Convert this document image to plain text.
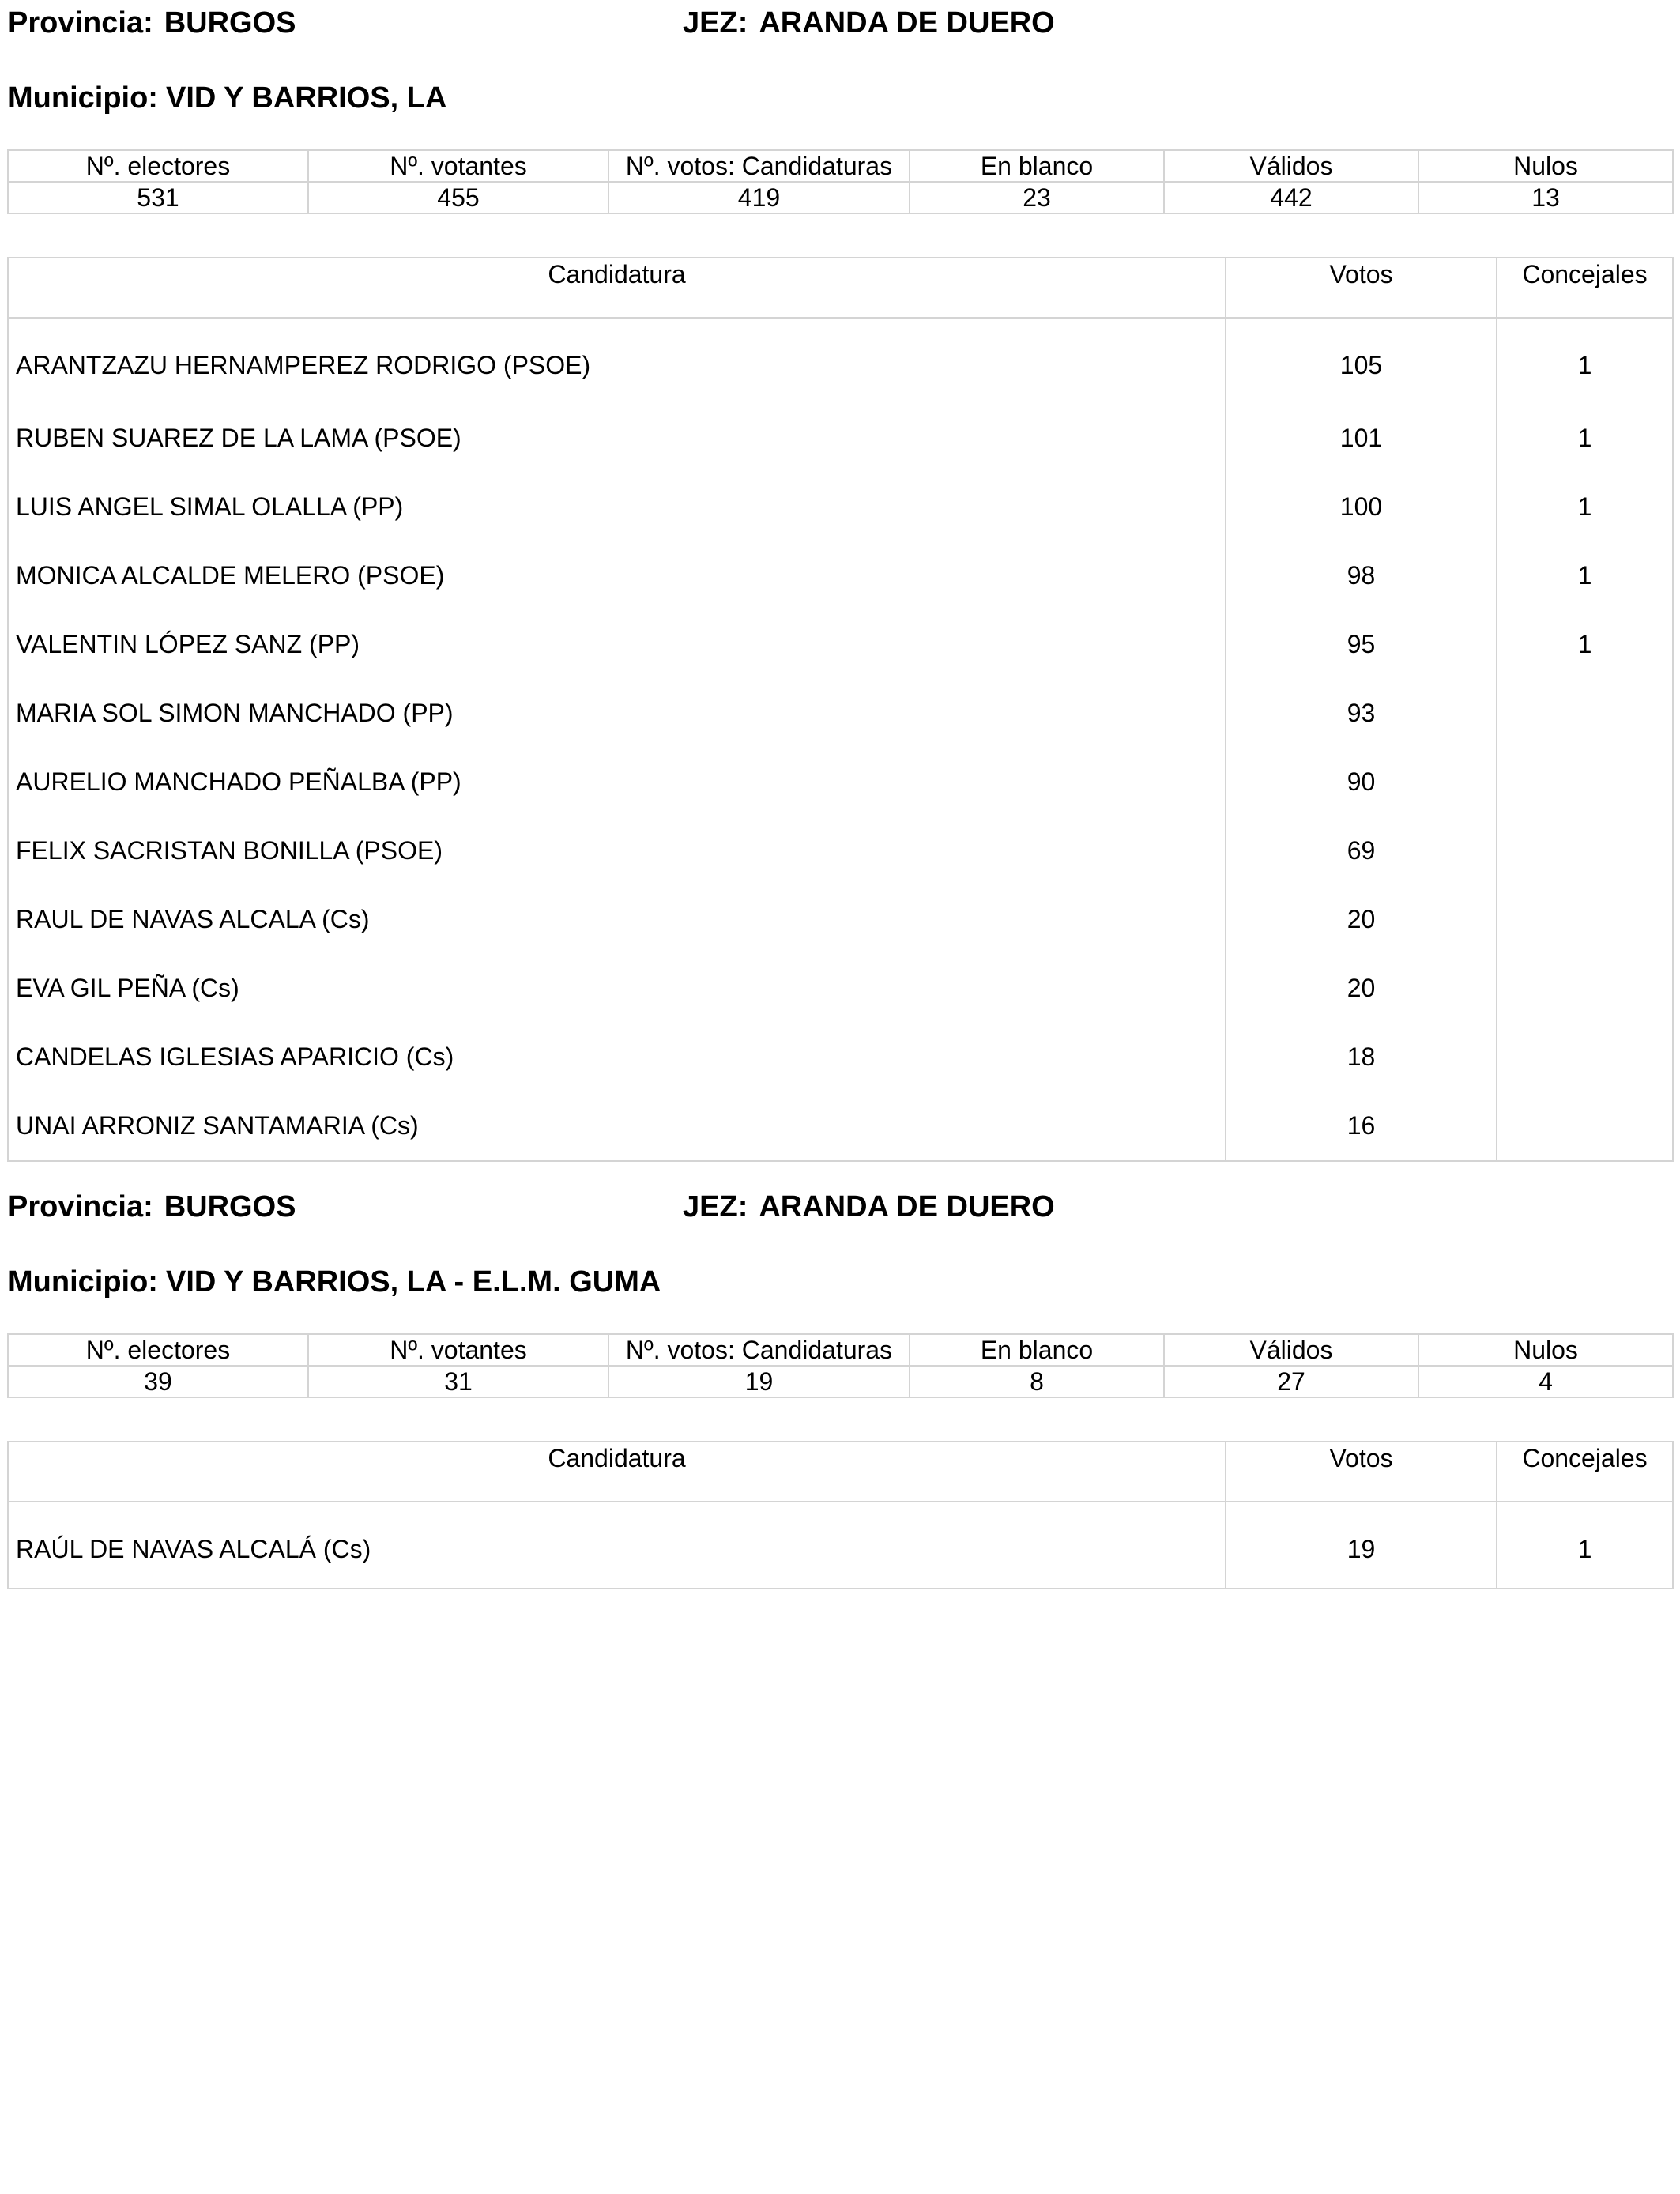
Provincia: BURGOS	JEZ: ARANDA DE DUERO
Municipio: VID Y BARRIOS, LA
Nº. electores	Nº. votantes	Nº. votos: Candidaturas	En blanco	Válidos	Nulos
531	455	419	23	442	13
Candidatura	Votos	Concejales
ARANTZAZU HERNAMPEREZ RODRIGO (PSOE)	105	1
RUBEN SUAREZ DE LA LAMA (PSOE)	101	1
LUIS ANGEL SIMAL OLALLA (PP)	100	1
MONICA ALCALDE MELERO (PSOE)	98	1
VALENTIN LÓPEZ SANZ (PP)	95	1
MARIA SOL SIMON MANCHADO (PP)	93	
AURELIO MANCHADO PEÑALBA (PP)	90	
FELIX SACRISTAN BONILLA (PSOE)	69	
RAUL DE NAVAS ALCALA (Cs)	20	
EVA GIL PEÑA (Cs)	20	
CANDELAS IGLESIAS APARICIO (Cs)	18	
UNAI ARRONIZ SANTAMARIA (Cs)	16	
Provincia: BURGOS	JEZ: ARANDA DE DUERO
Municipio: VID Y BARRIOS, LA - E.L.M. GUMA
Nº. electores	Nº. votantes	Nº. votos: Candidaturas	En blanco	Válidos	Nulos
39	31	19	8	27	4
Candidatura	Votos	Concejales
RAÚL DE NAVAS ALCALÁ (Cs)	19	1
